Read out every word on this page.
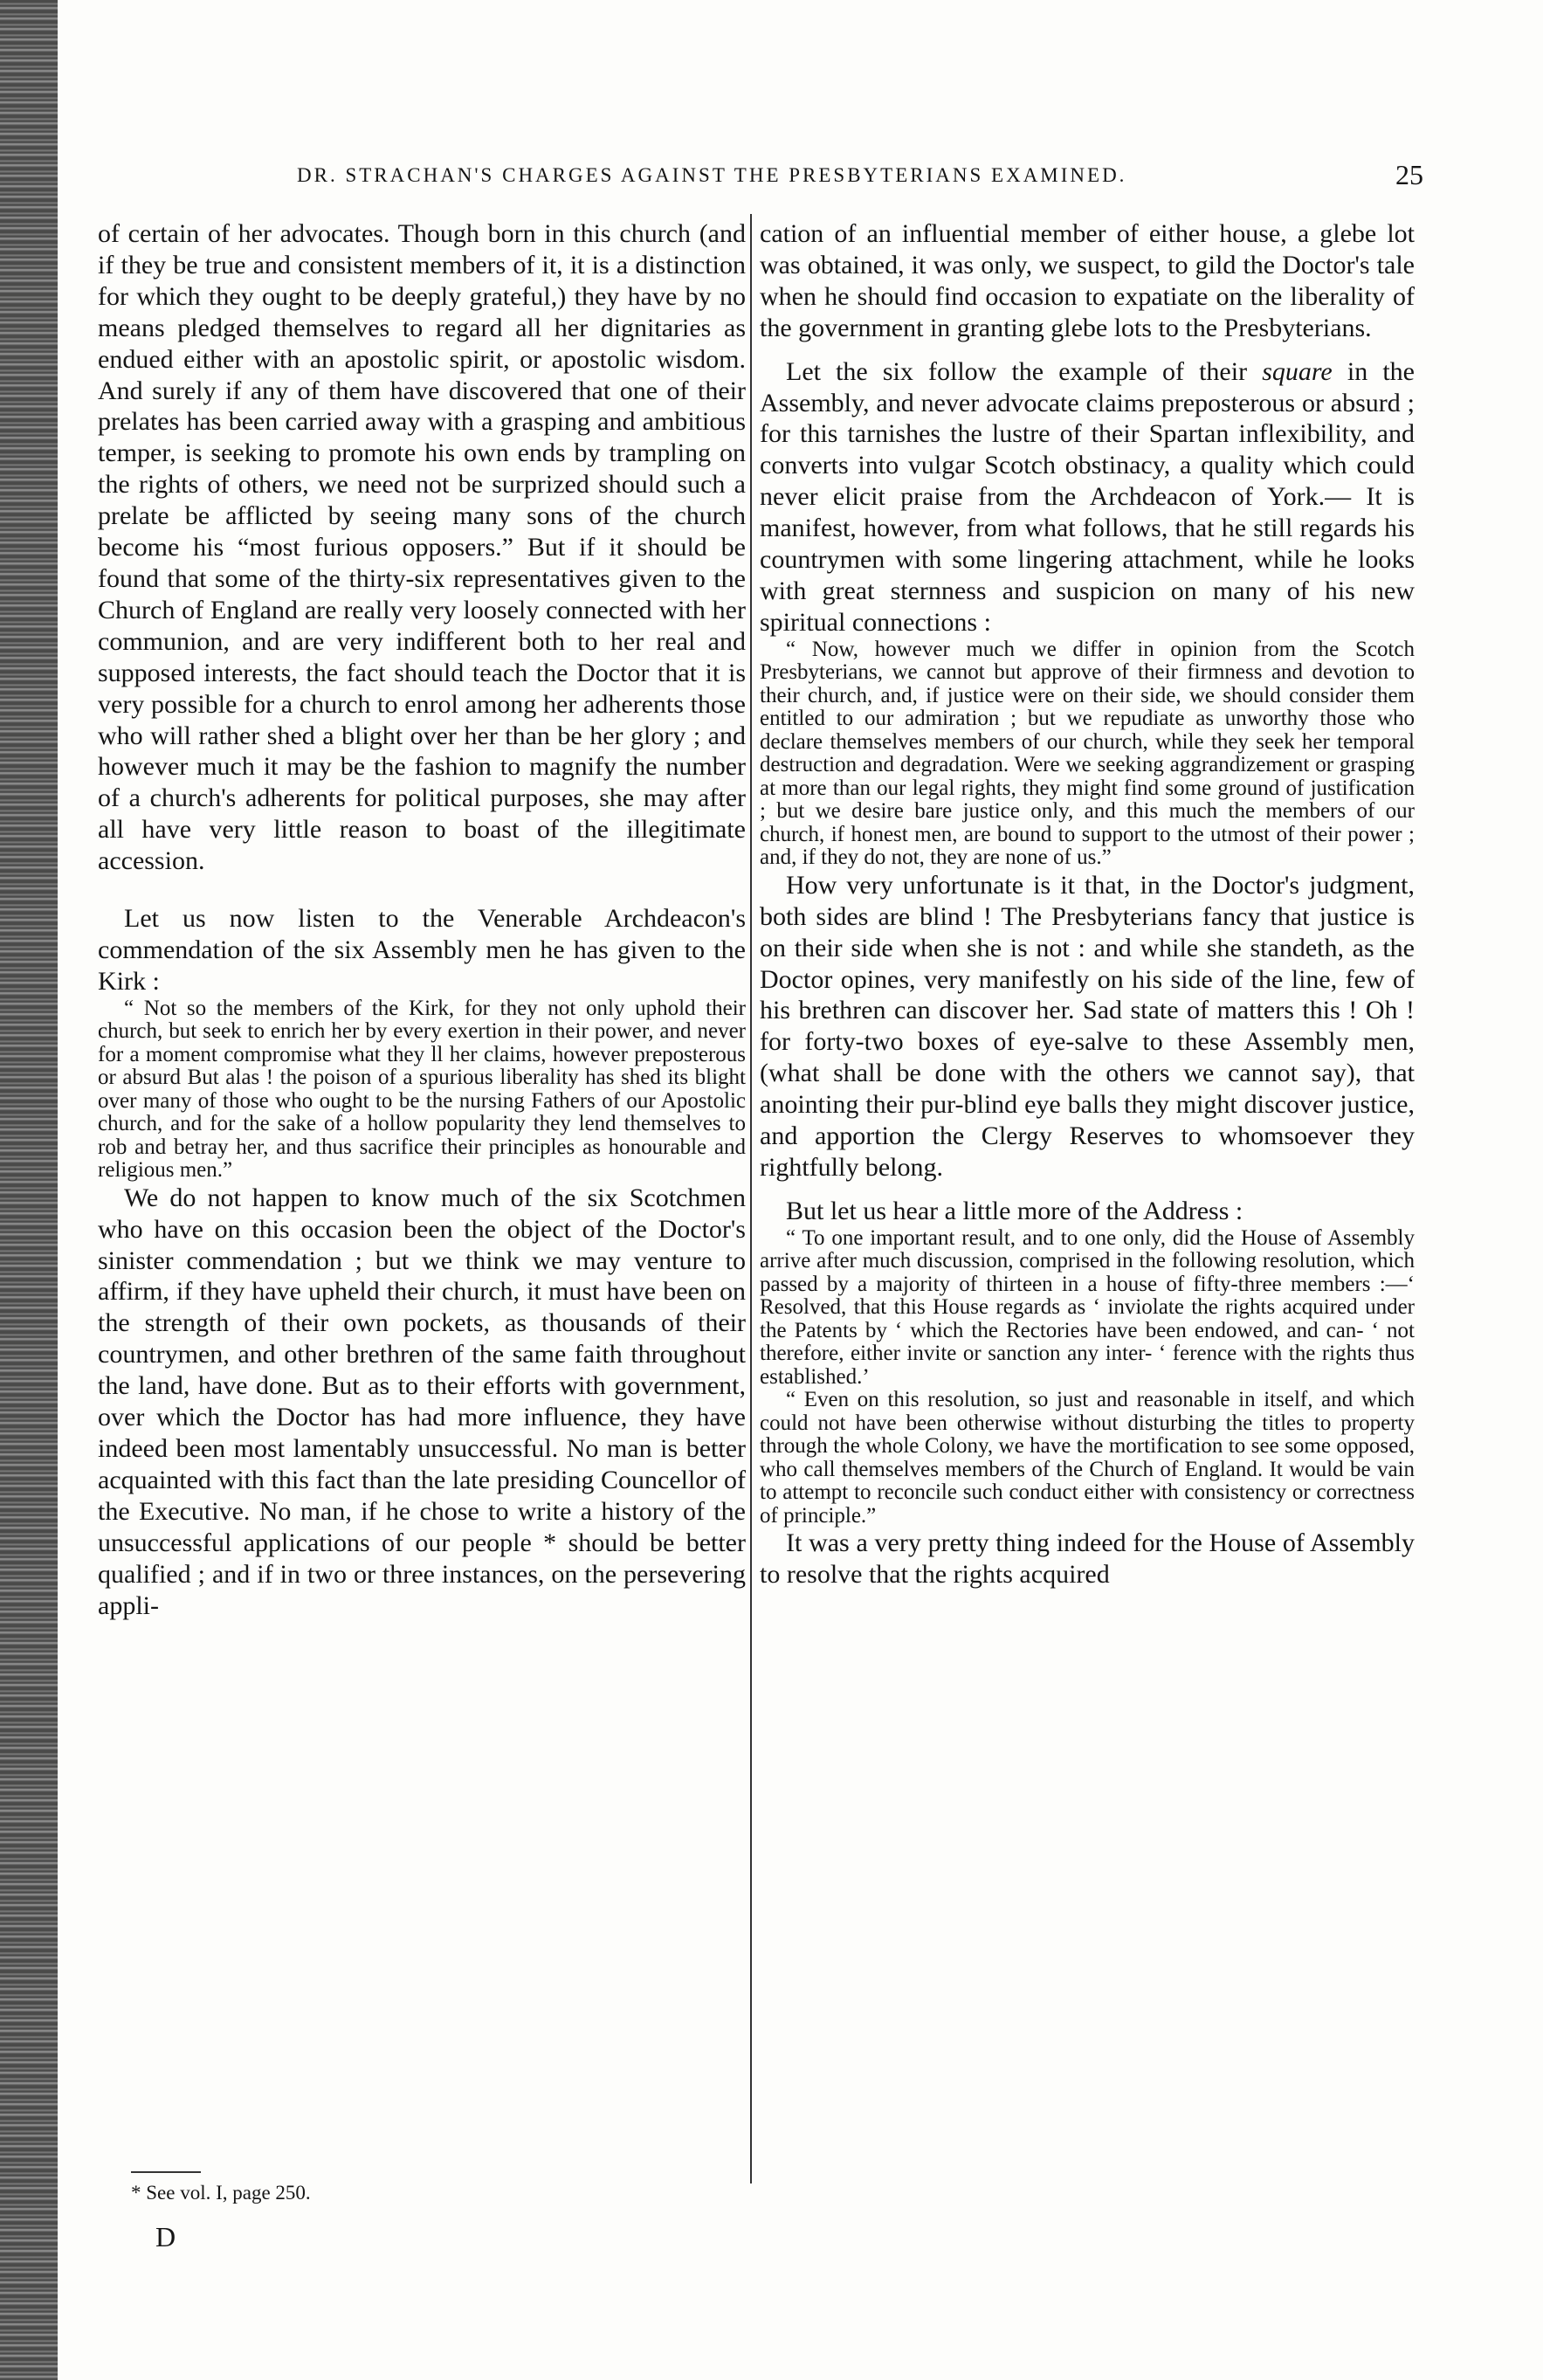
DR. STRACHAN'S CHARGES AGAINST THE PRESBYTERIANS EXAMINED.	25

of certain of her advocates. Though born in this church (and if they be true and consistent members of it, it is a distinction for which they ought to be deeply grateful,) they have by no means pledged themselves to regard all her dignitaries as endued either with an apostolic spirit, or apostolic wisdom. And surely if any of them have discovered that one of their prelates has been carried away with a grasping and ambitious temper, is seeking to promote his own ends by trampling on the rights of others, we need not be surprized should such a prelate be afflicted by seeing many sons of the church become his “most furious opposers.” But if it should be found that some of the thirty-six representatives given to the Church of England are really very loosely connected with her communion, and are very indifferent both to her real and supposed interests, the fact should teach the Doctor that it is very possible for a church to enrol among her adherents those who will rather shed a blight over her than be her glory ; and however much it may be the fashion to magnify the number of a church's adherents for political purposes, she may after all have very little reason to boast of the illegitimate accession.

Let us now listen to the Venerable Archdeacon's commendation of the six Assembly men he has given to the Kirk :

“ Not so the members of the Kirk, for they not only uphold their church, but seek to enrich her by every exertion in their power, and never for a moment compromise what they ll her claims, however preposterous or absurd But alas ! the poison of a spurious liberality has shed its blight over many of those who ought to be the nursing Fathers of our Apostolic church, and for the sake of a hollow popularity they lend themselves to rob and betray her, and thus sacrifice their principles as honourable and religious men.”

We do not happen to know much of the six Scotchmen who have on this occasion been the object of the Doctor's sinister commendation ; but we think we may venture to affirm, if they have upheld their church, it must have been on the strength of their own pockets, as thousands of their countrymen, and other brethren of the same faith throughout the land, have done. But as to their efforts with government, over which the Doctor has had more influence, they have indeed been most lamentably unsuccessful. No man is better acquainted with this fact than the late presiding Councellor of the Executive. No man, if he chose to write a history of the unsuccessful applications of our people * should be better qualified ; and if in two or three instances, on the persevering appli-

cation of an influential member of either house, a glebe lot was obtained, it was only, we suspect, to gild the Doctor's tale when he should find occasion to expatiate on the liberality of the government in granting glebe lots to the Presbyterians.

Let the six follow the example of their square in the Assembly, and never advocate claims preposterous or absurd ; for this tarnishes the lustre of their Spartan inflexibility, and converts into vulgar Scotch obstinacy, a quality which could never elicit praise from the Archdeacon of York.— It is manifest, however, from what follows, that he still regards his countrymen with some lingering attachment, while he looks with great sternness and suspicion on many of his new spiritual connections :

“ Now, however much we differ in opinion from the Scotch Presbyterians, we cannot but approve of their firmness and devotion to their church, and, if justice were on their side, we should consider them entitled to our admiration ; but we repudiate as unworthy those who declare themselves members of our church, while they seek her temporal destruction and degradation. Were we seeking aggrandizement or grasping at more than our legal rights, they might find some ground of justification ; but we desire bare justice only, and this much the members of our church, if honest men, are bound to support to the utmost of their power ; and, if they do not, they are none of us.”

How very unfortunate is it that, in the Doctor's judgment, both sides are blind ! The Presbyterians fancy that justice is on their side when she is not : and while she standeth, as the Doctor opines, very manifestly on his side of the line, few of his brethren can discover her. Sad state of matters this ! Oh ! for forty-two boxes of eye-salve to these Assembly men, (what shall be done with the others we cannot say), that anointing their pur-blind eye balls they might discover justice, and apportion the Clergy Reserves to whomsoever they rightfully belong.

But let us hear a little more of the Address :

“ To one important result, and to one only, did the House of Assembly arrive after much discussion, comprised in the following resolution, which passed by a majority of thirteen in a house of fifty-three members :—‘ Resolved, that this House regards as ‘ inviolate the rights acquired under the Patents by ‘ which the Rectories have been endowed, and can- ‘ not therefore, either invite or sanction any inter- ‘ ference with the rights thus established.’

“ Even on this resolution, so just and reasonable in itself, and which could not have been otherwise without disturbing the titles to property through the whole Colony, we have the mortification to see some opposed, who call themselves members of the Church of England. It would be vain to attempt to reconcile such conduct either with consistency or correctness of principle.”

It was a very pretty thing indeed for the House of Assembly to resolve that the rights acquired

* See vol. I, page 250.
D
